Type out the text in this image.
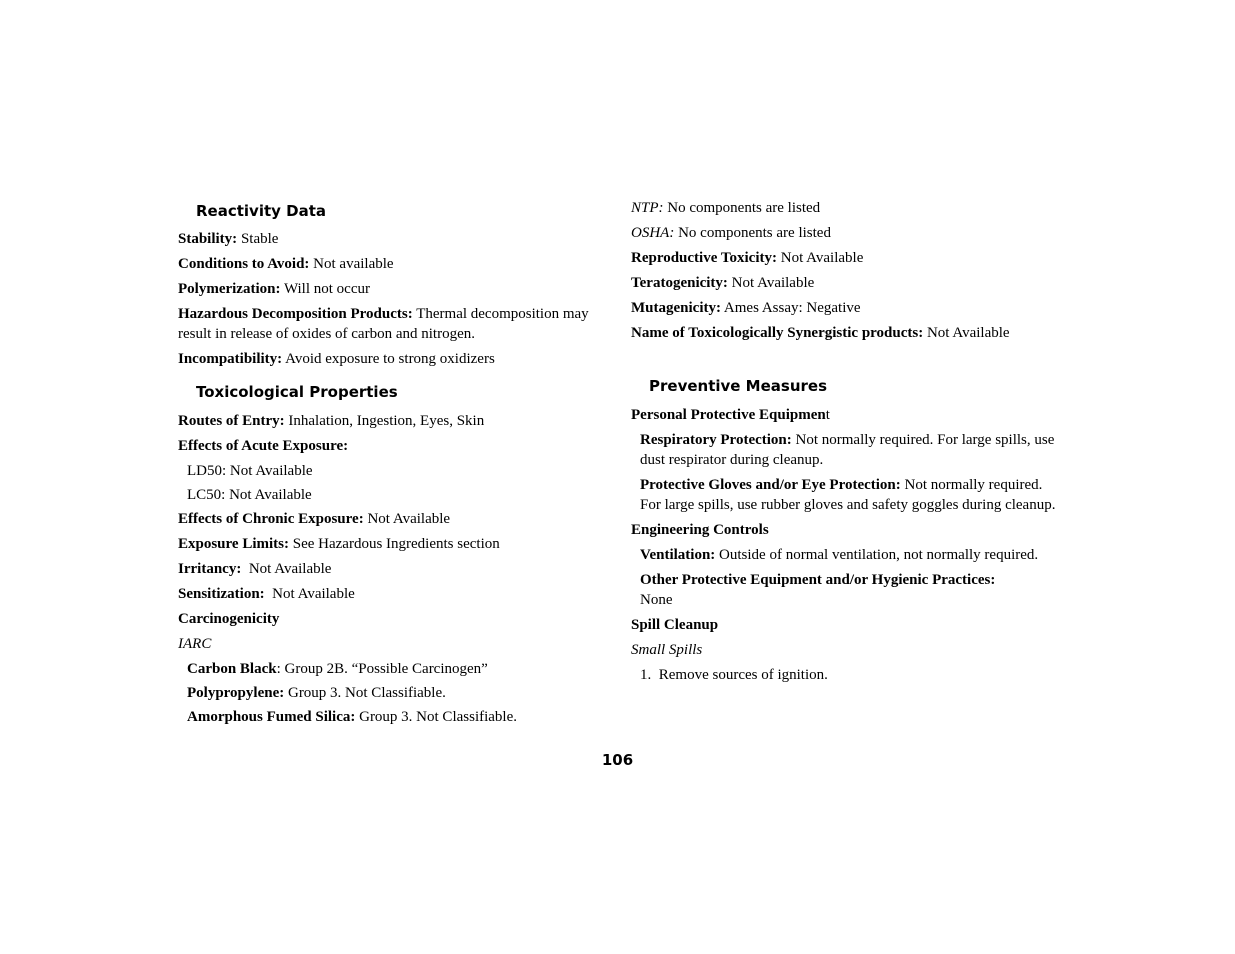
Reactivity Data
Stability: Stable
Conditions to Avoid: Not available
Polymerization: Will not occur
Hazardous Decomposition Products: Thermal decomposition may result in release of oxides of carbon and nitrogen.
Incompatibility: Avoid exposure to strong oxidizers
Toxicological Properties
Routes of Entry: Inhalation, Ingestion, Eyes, Skin
Effects of Acute Exposure:
LD50: Not Available
LC50: Not Available
Effects of Chronic Exposure: Not Available
Exposure Limits: See Hazardous Ingredients section
Irritancy:  Not Available
Sensitization:  Not Available
Carcinogenicity
IARC
Carbon Black: Group 2B. “Possible Carcinogen”
Polypropylene: Group 3. Not Classifiable.
Amorphous Fumed Silica: Group 3. Not Classifiable.
NTP: No components are listed
OSHA: No components are listed
Reproductive Toxicity: Not Available
Teratogenicity: Not Available
Mutagenicity: Ames Assay: Negative
Name of Toxicologically Synergistic products: Not Available
Preventive Measures
Personal Protective Equipment
Respiratory Protection: Not normally required. For large spills, use dust respirator during cleanup.
Protective Gloves and/or Eye Protection: Not normally required. For large spills, use rubber gloves and safety goggles during cleanup.
Engineering Controls
Ventilation: Outside of normal ventilation, not normally required.
Other Protective Equipment and/or Hygienic Practices:
None
Spill Cleanup
Small Spills
1.  Remove sources of ignition.
106
